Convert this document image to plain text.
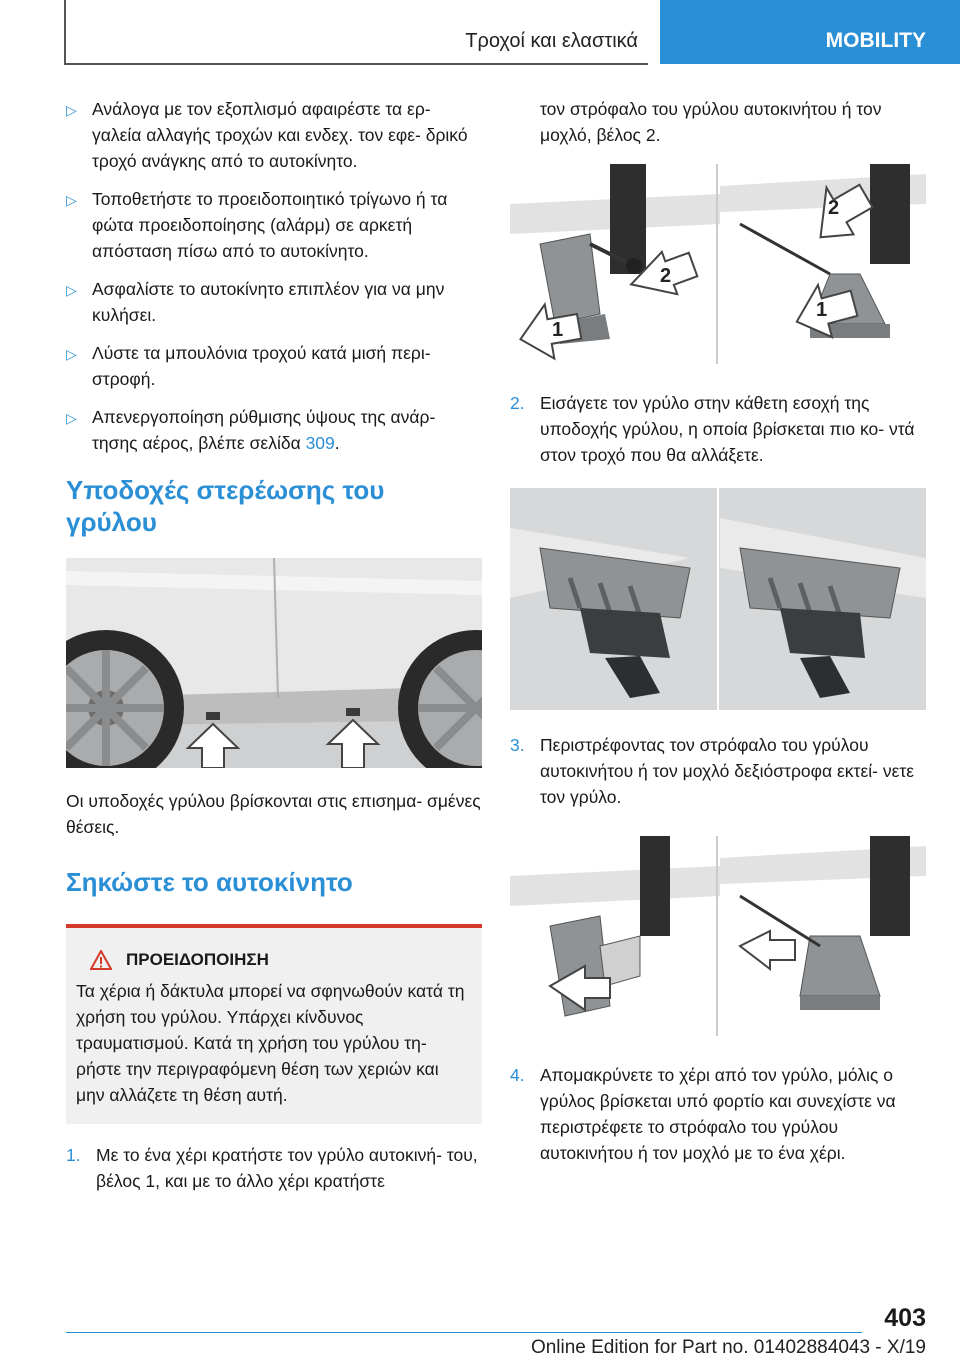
Τροχοί και ελαστικά	MOBILITY
▷ Ανάλογα με τον εξοπλισμό αφαιρέστε τα ερ‐ γαλεία αλλαγής τροχών και ενδεχ. τον εφε‐ δρικό τροχό ανάγκης από το αυτοκίνητο.
▷ Τοποθετήστε το προειδοποιητικό τρίγωνο ή τα φώτα προειδοποίησης (αλάρμ) σε αρκετή απόσταση πίσω από το αυτοκίνητο.
▷ Ασφαλίστε το αυτοκίνητο επιπλέον για να μην κυλήσει.
▷ Λύστε τα μπουλόνια τροχού κατά μισή περι‐ στροφή.
▷ Απενεργοποίηση ρύθμισης ύψους της ανάρ‐ τησης αέρος, βλέπε σελίδα 309.
Υποδοχές στερέωσης του γρύλου

Οι υποδοχές γρύλου βρίσκονται στις επισημα‐ σμένες θέσεις.

Σηκώστε το αυτοκίνητο
ΠΡΟΕΙΔΟΠΟΙΗΣΗ
Τα χέρια ή δάκτυλα μπορεί να σφηνωθούν κατά τη χρήση του γρύλου. Υπάρχει κίνδυνος τραυματισμού. Κατά τη χρήση του γρύλου τη‐ ρήστε την περιγραφόμενη θέση των χεριών και μην αλλάζετε τη θέση αυτή.
1. Με το ένα χέρι κρατήστε τον γρύλο αυτοκινή‐ του, βέλος 1, και με το άλλο χέρι κρατήστε

τον στρόφαλο του γρύλου αυτοκινήτου ή τον μοχλό, βέλος 2.

1
2
2
1
2. Εισάγετε τον γρύλο στην κάθετη εσοχή της υποδοχής γρύλου, η οποία βρίσκεται πιο κο‐ ντά στον τροχό που θα αλλάξετε.
3. Περιστρέφοντας τον στρόφαλο του γρύλου αυτοκινήτου ή τον μοχλό δεξιόστροφα εκτεί‐ νετε τον γρύλο.
4. Απομακρύνετε το χέρι από τον γρύλο, μόλις ο γρύλος βρίσκεται υπό φορτίο και συνεχίστε να περιστρέφετε το στρόφαλο του γρύλου αυτοκινήτου ή τον μοχλό με το ένα χέρι.
403
Online Edition for Part no. 01402884043 - X/19
